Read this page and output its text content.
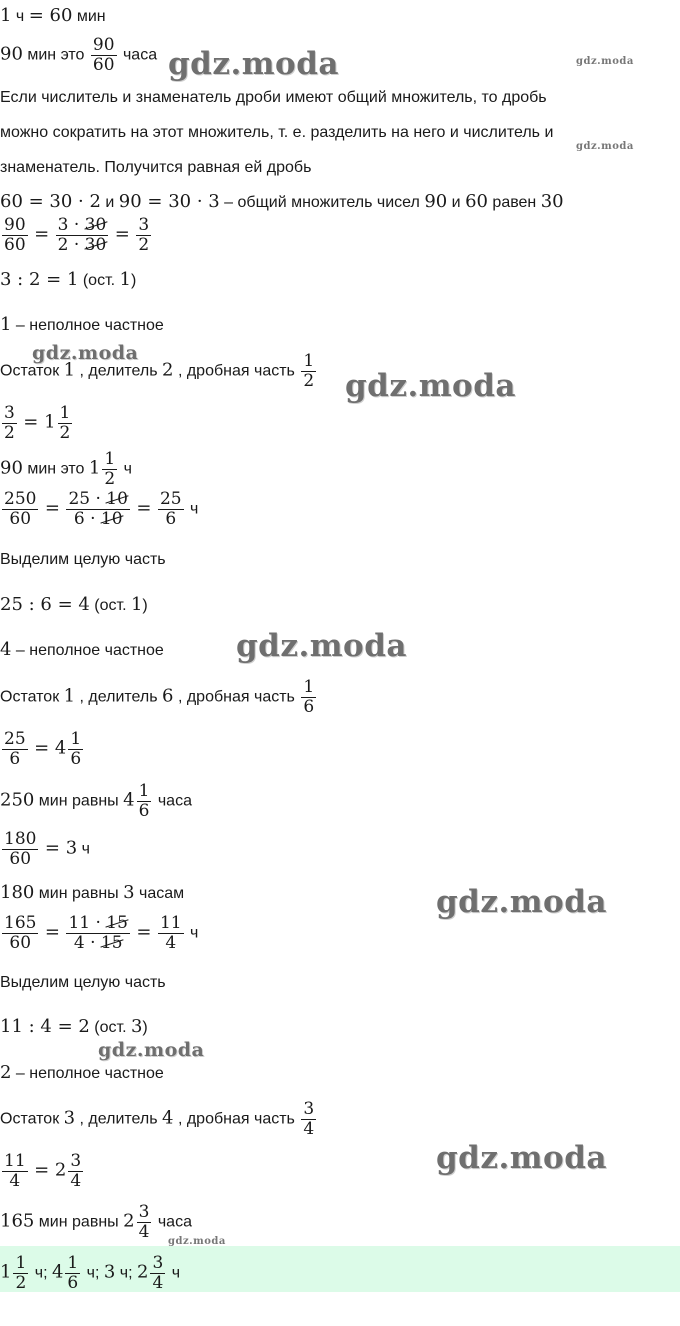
1 ч = 60 мин
90 мин это $\frac{90}{60}$ часа
Если числитель и знаменатель дроби имеют общий множитель, то дробь
можно сократить на этот множитель, т. е. разделить на него и числитель и
знаменатель. Получится равная ей дробь
60 = 30 · 2 и 90 = 30 · 3 – общий множитель чисел 90 и 60 равен 30
$\frac{90}{60} = \frac{3 \cdot 30}{2 \cdot 30} = \frac{3}{2}$
3 : 2 = 1 (ост. 1)
1 – неполное частное
Остаток 1 , делитель 2 , дробная часть $\frac{1}{2}$
$\frac{3}{2} = 1 \frac{1}{2}$
90 мин это $1 \frac{1}{2}$ ч
$\frac{250}{60} = \frac{25 \cdot 10}{6 \cdot 10} = \frac{25}{6}$ ч
Выделим целую часть
25 : 6 = 4 (ост. 1)
4 – неполное частное
Остаток 1 , делитель 6 , дробная часть $\frac{1}{6}$
$\frac{25}{6} = 4 \frac{1}{6}$
250 мин равны $4 \frac{1}{6}$ часа
$\frac{180}{60} = 3$ ч
180 мин равны 3 часам
$\frac{165}{60} = \frac{11 \cdot 15}{4 \cdot 15} = \frac{11}{4}$ ч
Выделим целую часть
11 : 4 = 2 (ост. 3)
2 – неполное частное
Остаток 3 , делитель 4 , дробная часть $\frac{3}{4}$
$\frac{11}{4} = 2 \frac{3}{4}$
165 мин равны $2 \frac{3}{4}$ часа
$1 \frac{1}{2} ч$; $4 \frac{1}{6} ч$; 3 ч; $2 \frac{3}{4}$ ч
gdz.moda	gdz.moda
gdz.moda
gdz.moda
gdz.moda
gdz.moda
gdz.moda
gdz.moda
gdz.moda
gdz.moda
